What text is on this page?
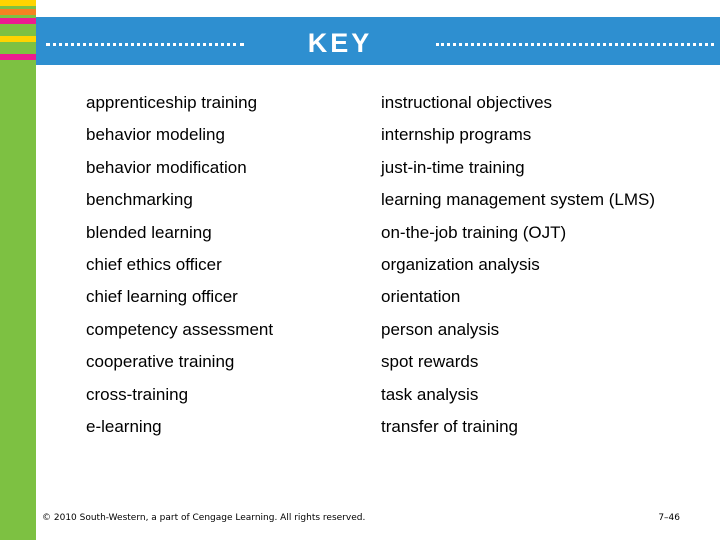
KEY TERMS
apprenticeship training
behavior modeling
behavior modification
benchmarking
blended learning
chief ethics officer
chief learning officer
competency assessment
cooperative training
cross-training
e-learning
instructional objectives
internship programs
just-in-time training
learning management system (LMS)
on-the-job training (OJT)
organization analysis
orientation
person analysis
spot rewards
task analysis
transfer of training
© 2010 South-Western, a part of Cengage Learning. All rights reserved.	7–46
